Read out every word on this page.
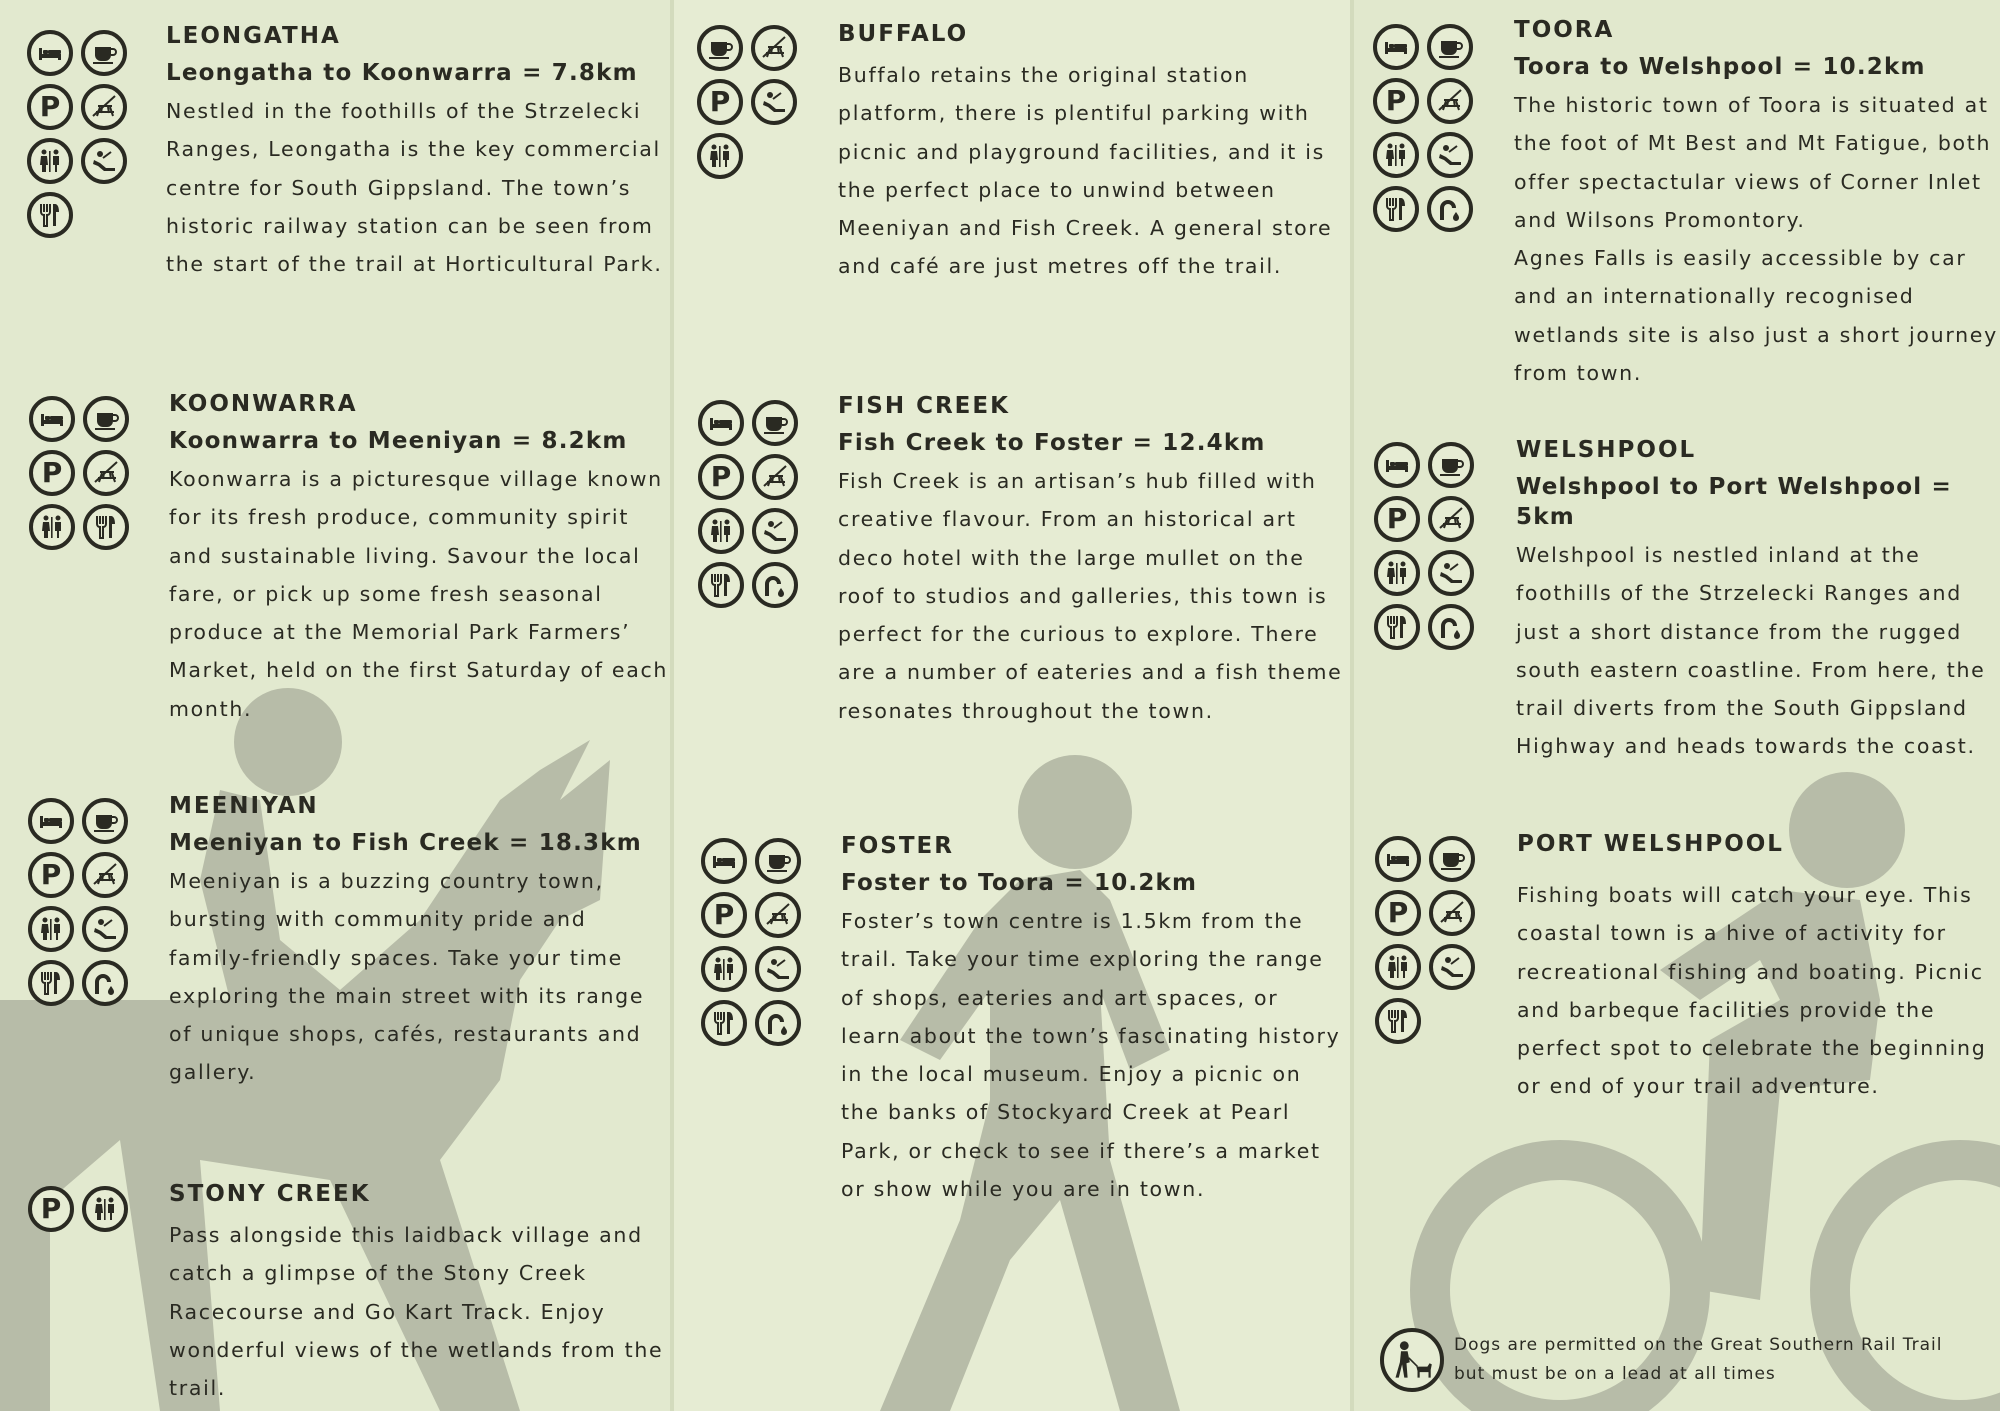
P
LEONGATHA
Leongatha to Koonwarra = 7.8km

Nestled in the foothills of the Strzelecki Ranges, Leongatha is the key commercial centre for South Gippsland. The town’s historic railway station can be seen from the start of the trail at Horticultural Park.

P
KOONWARRA
Koonwarra to Meeniyan = 8.2km

Koonwarra is a picturesque village known for its fresh produce, community spirit and sustainable living. Savour the local fare, or pick up some fresh seasonal produce at the Memorial Park Farmers’ Market, held on the first Saturday of each month.

P
MEENIYAN
Meeniyan to Fish Creek = 18.3km

Meeniyan is a buzzing country town, bursting with community pride and family-friendly spaces. Take your time exploring the main street with its range of unique shops, cafés, restaurants and gallery.

P	STONY CREEK

Pass alongside this laidback village and catch a glimpse of the Stony Creek Racecourse and Go Kart Track. Enjoy wonderful views of the wetlands from the trail.

P
BUFFALO

Buffalo retains the original station platform, there is plentiful parking with picnic and playground facilities, and it is the perfect place to unwind between Meeniyan and Fish Creek. A general store and café are just metres off the trail.

P
FISH CREEK
Fish Creek to Foster = 12.4km

Fish Creek is an artisan’s hub filled with creative flavour. From an historical art deco hotel with the large mullet on the roof to studios and galleries, this town is perfect for the curious to explore. There are a number of eateries and a fish theme resonates throughout the town.

P
FOSTER
Foster to Toora = 10.2km

Foster’s town centre is 1.5km from the trail. Take your time exploring the range of shops, eateries and art spaces, or learn about the town’s fascinating history in the local museum. Enjoy a picnic on the banks of Stockyard Creek at Pearl Park, or check to see if there’s a market or show while you are in town.

P
TOORA
Toora to Welshpool = 10.2km

The historic town of Toora is situated at the foot of Mt Best and Mt Fatigue, both offer spectactular views of Corner Inlet and Wilsons Promontory.

Agnes Falls is easily accessible by car and an internationally recognised wetlands site is also just a short journey from town.

P
WELSHPOOL
Welshpool to Port Welshpool = 5km

Welshpool is nestled inland at the foothills of the Strzelecki Ranges and just a short distance from the rugged south eastern coastline. From here, the trail diverts from the South Gippsland Highway and heads towards the coast.

P
PORT WELSHPOOL

Fishing boats will catch your eye. This coastal town is a hive of activity for recreational fishing and boating. Picnic and barbeque facilities provide the perfect spot to celebrate the beginning or end of your trail adventure.

Dogs are permitted on the Great Southern Rail Trail but must be on a lead at all times
